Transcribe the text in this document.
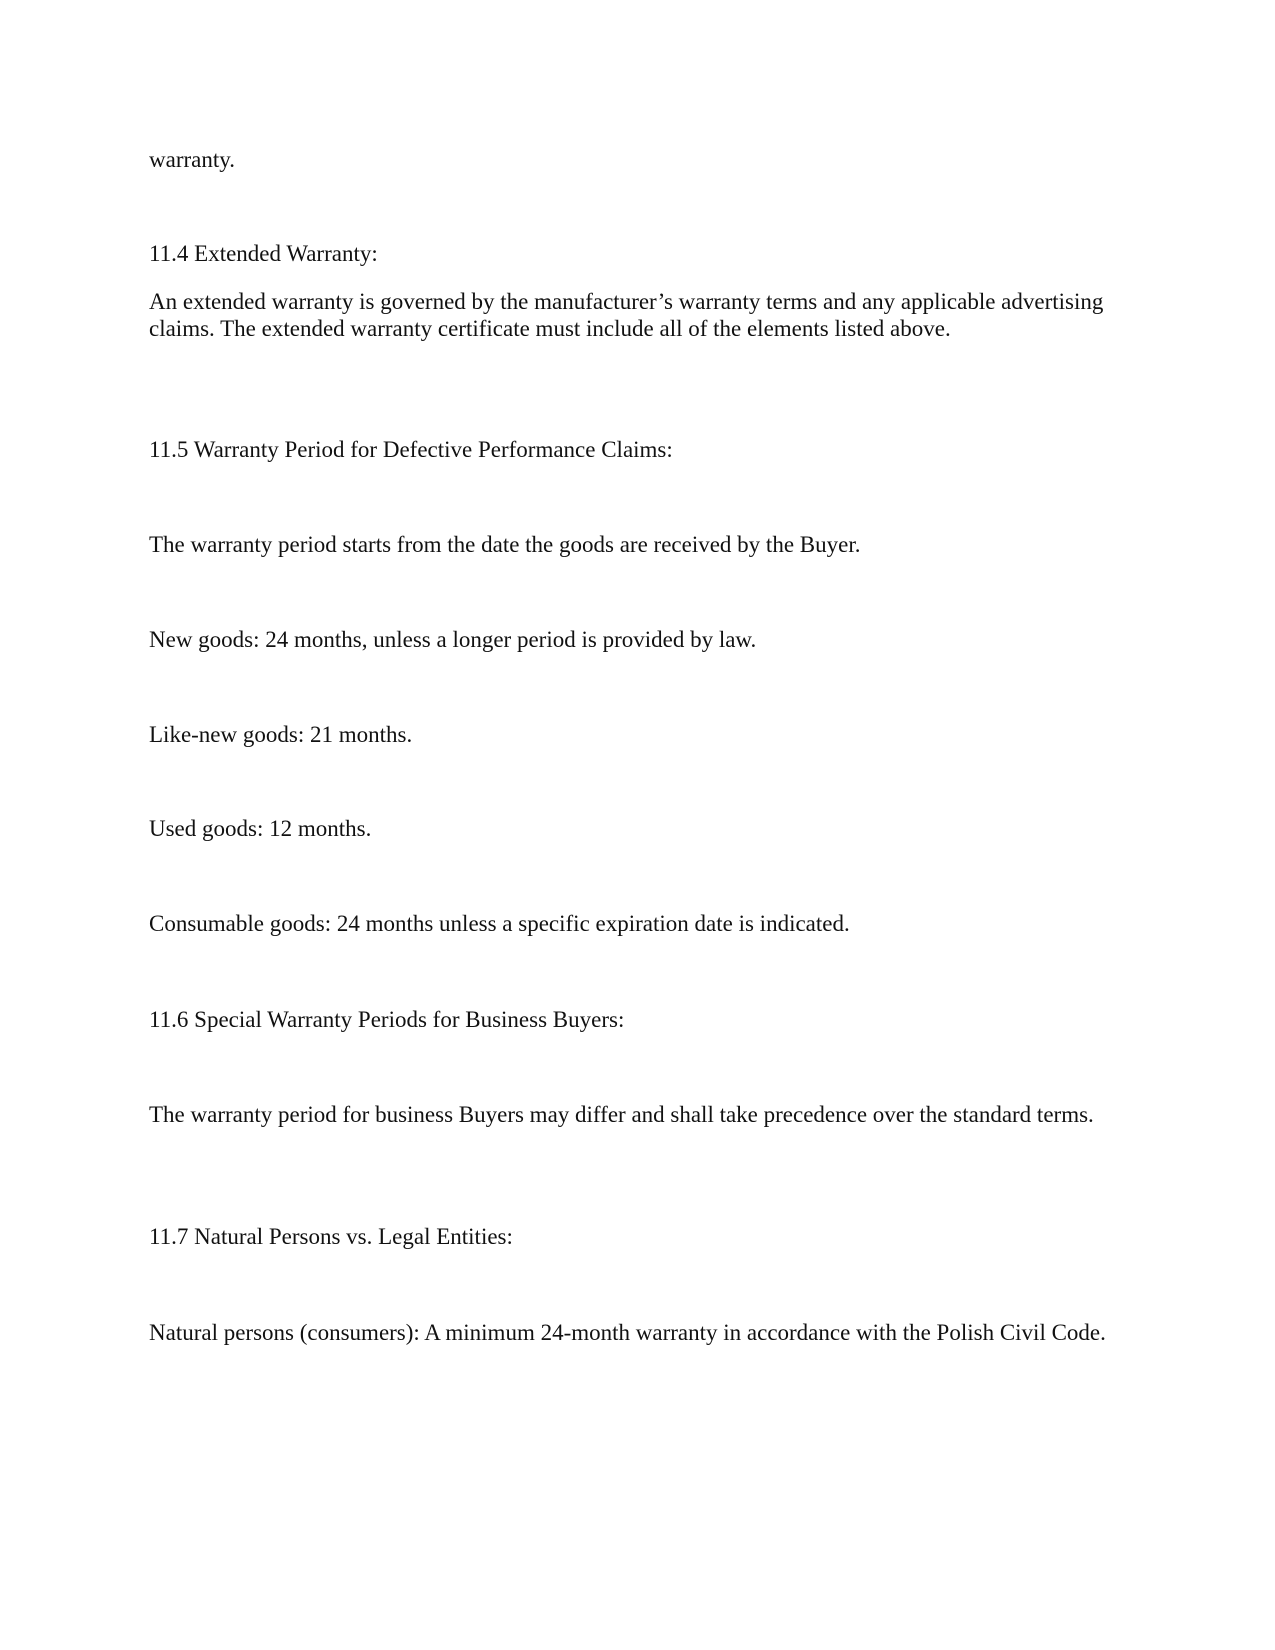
warranty.

11.4 Extended Warranty:

An extended warranty is governed by the manufacturer’s warranty terms and any applicable advertising claims. The extended warranty certificate must include all of the elements listed above.

11.5 Warranty Period for Defective Performance Claims:

The warranty period starts from the date the goods are received by the Buyer.

New goods: 24 months, unless a longer period is provided by law.

Like-new goods: 21 months.

Used goods: 12 months.

Consumable goods: 24 months unless a specific expiration date is indicated.

11.6 Special Warranty Periods for Business Buyers:

The warranty period for business Buyers may differ and shall take precedence over the standard terms.

11.7 Natural Persons vs. Legal Entities:

Natural persons (consumers): A minimum 24-month warranty in accordance with the Polish Civil Code.
